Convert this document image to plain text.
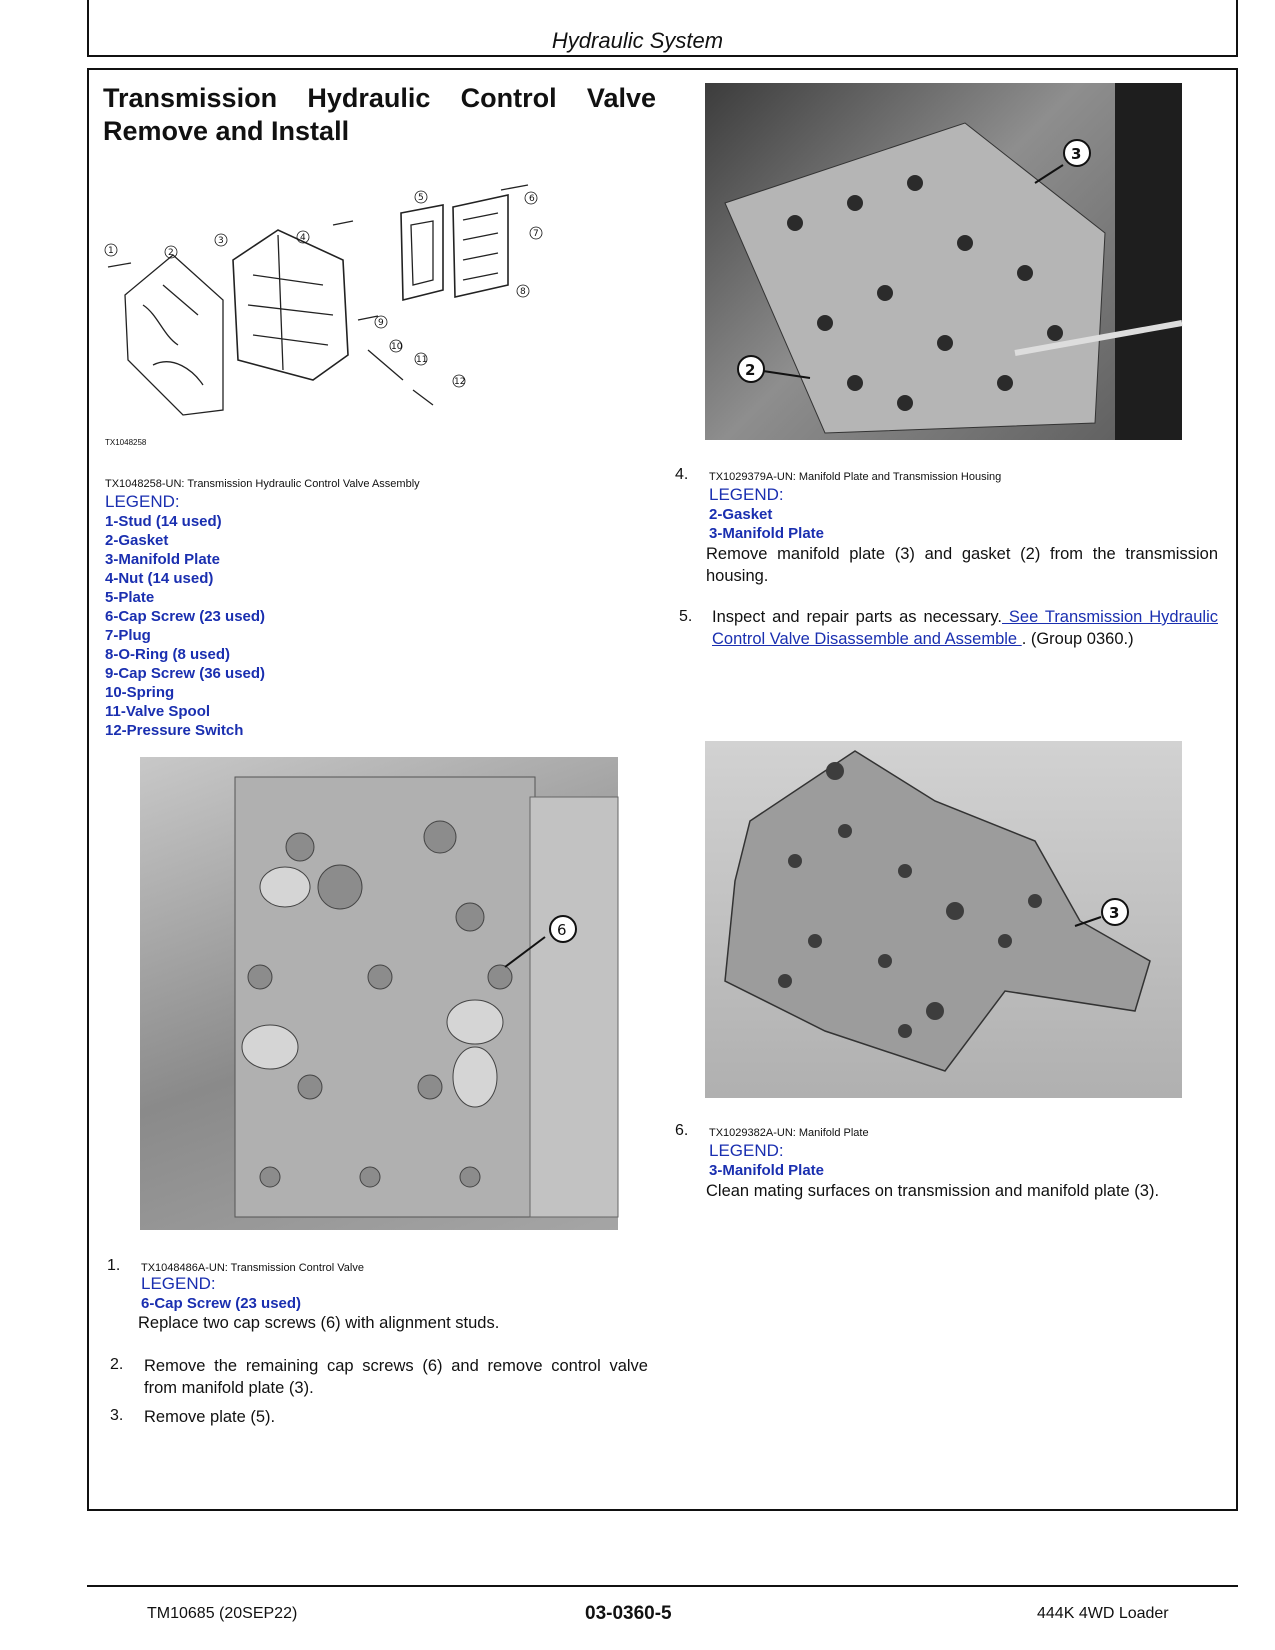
Hydraulic System
Transmission Hydraulic Control Valve
Remove and Install
1	2
3	4
5	6
7
8
9
10
11
12
TX1048258
TX1048258-UN: Transmission Hydraulic Control Valve Assembly
LEGEND:
1-Stud (14 used)
2-Gasket
3-Manifold Plate
4-Nut (14 used)
5-Plate
6-Cap Screw (23 used)
7-Plug
8-O-Ring (8 used)
9-Cap Screw (36 used)
10-Spring
11-Valve Spool
12-Pressure Switch
6
TX1048486A-UN: Transmission Control Valve
1.
LEGEND:
6-Cap Screw (23 used)
Replace two cap screws (6) with alignment studs.
2. Remove the remaining cap screws (6) and remove control valve from manifold plate (3).
3. Remove plate (5).
3
2
4. TX1029379A-UN: Manifold Plate and Transmission Housing
LEGEND:
2-Gasket
3-Manifold Plate
Remove manifold plate (3) and gasket (2) from the transmission housing.
5. Inspect and repair parts as necessary. See Transmission Hydraulic Control Valve Disassemble and Assemble . (Group 0360.)
3
6. TX1029382A-UN: Manifold Plate
LEGEND:
3-Manifold Plate
Clean mating surfaces on transmission and manifold plate (3).
TM10685 (20SEP22)	03-0360-5	444K 4WD Loader
